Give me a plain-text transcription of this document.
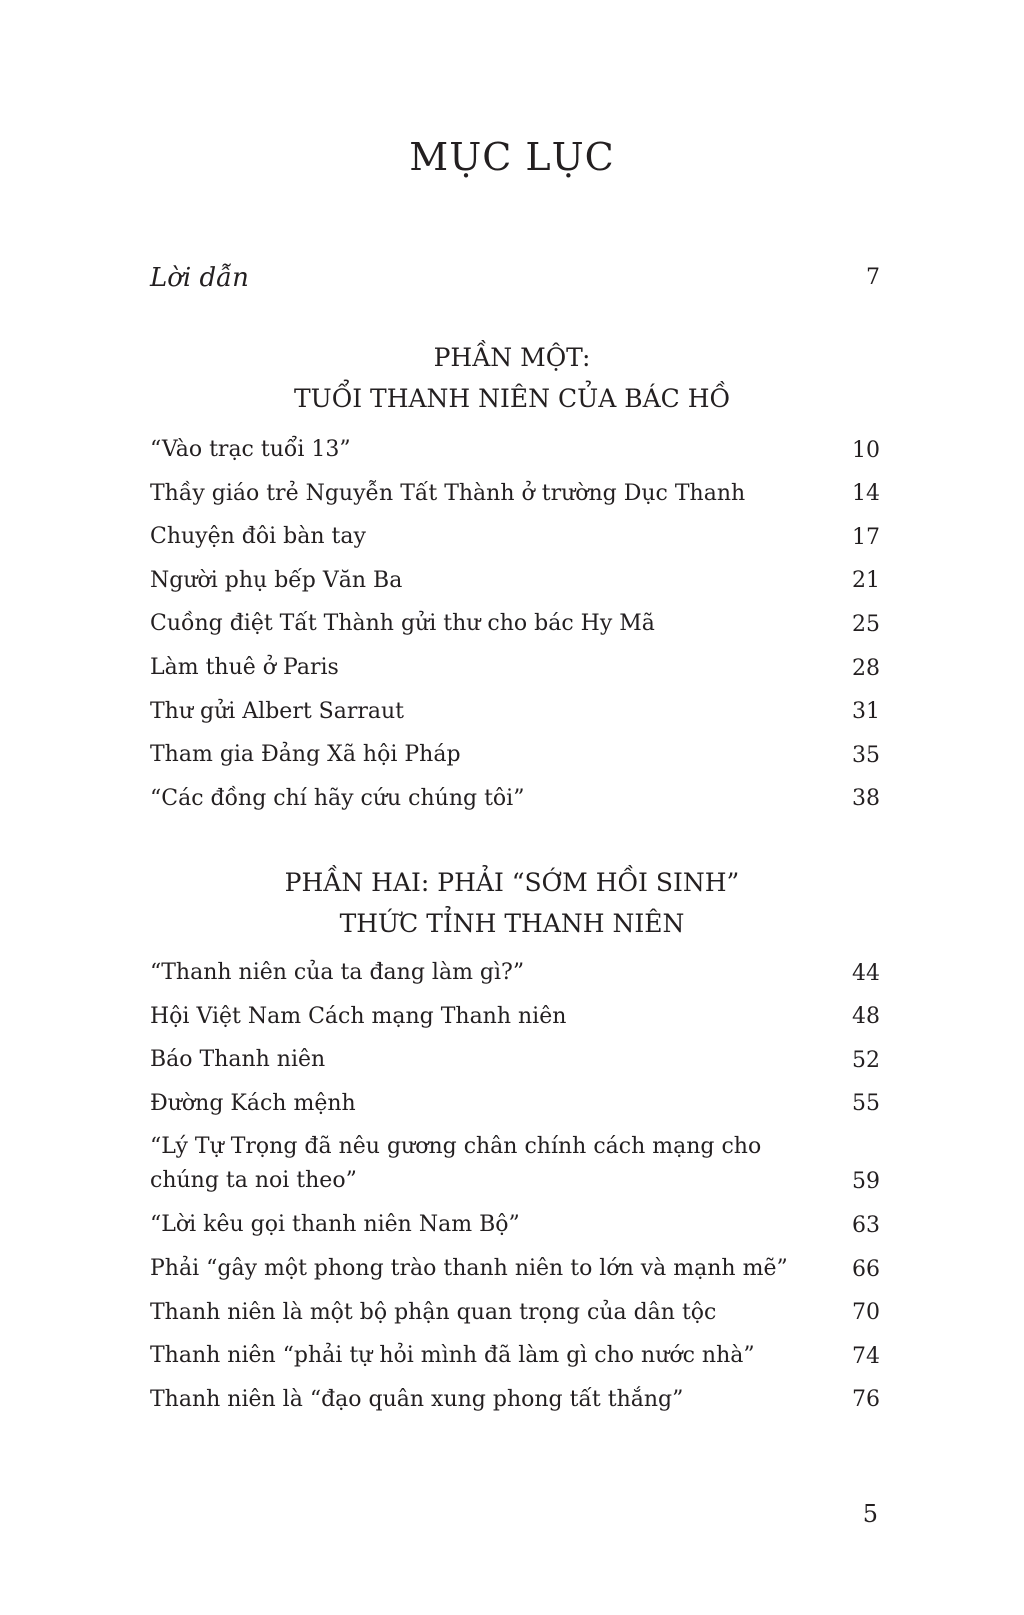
MỤC LỤC
Lời dẫn	7
PHẦN MỘT:
TUỔI THANH NIÊN CỦA BÁC HỒ
“Vào trạc tuổi 13”	10
Thầy giáo trẻ Nguyễn Tất Thành ở trường Dục Thanh	14
Chuyện đôi bàn tay	17
Người phụ bếp Văn Ba	21
Cuồng điệt Tất Thành gửi thư cho bác Hy Mã	25
Làm thuê ở Paris	28
Thư gửi Albert Sarraut	31
Tham gia Đảng Xã hội Pháp	35
“Các đồng chí hãy cứu chúng tôi”	38
PHẦN HAI: PHẢI “SỚM HỒI SINH”
THỨC TỈNH THANH NIÊN
“Thanh niên của ta đang làm gì?”	44
Hội Việt Nam Cách mạng Thanh niên	48
Báo Thanh niên	52
Đường Kách mệnh	55
“Lý Tự Trọng đã nêu gương chân chính cách mạng cho chúng ta noi theo”	59
“Lời kêu gọi thanh niên Nam Bộ”	63
Phải “gây một phong trào thanh niên to lớn và mạnh mẽ”	66
Thanh niên là một bộ phận quan trọng của dân tộc	70
Thanh niên “phải tự hỏi mình đã làm gì cho nước nhà”	74
Thanh niên là “đạo quân xung phong tất thắng”	76
5
